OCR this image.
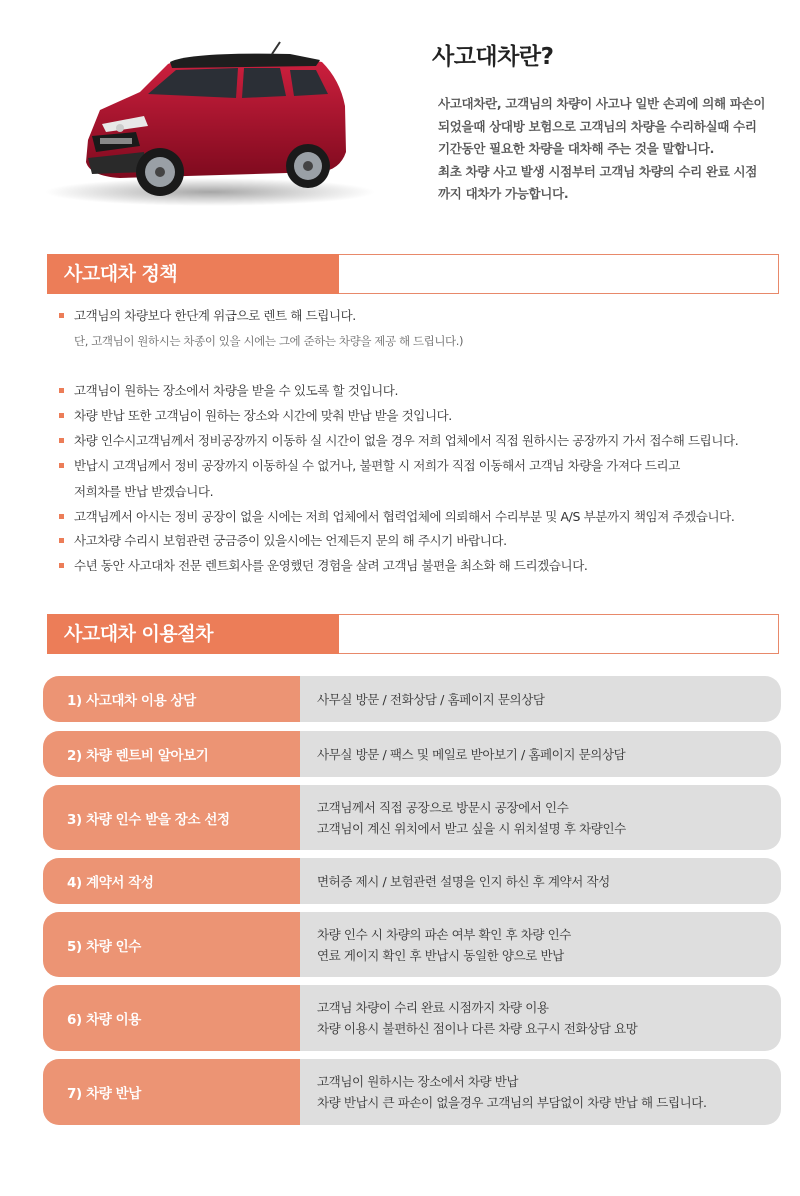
사고대차란?
사고대차란, 고객님의 차량이 사고나 일반 손괴에 의해 파손이
되었을때 상대방 보험으로 고객님의 차량을 수리하실때 수리
기간동안 필요한 차량을 대차해 주는 것을 말합니다.
최초 차량 사고 발생 시점부터 고객님 차량의 수리 완료 시점
까지 대차가 가능합니다.
사고대차 정책
고객님의 차량보다 한단계 위급으로 렌트 해 드립니다.
단, 고객님이 원하시는 차종이 있을 시에는 그에 준하는 차량을 제공 해 드립니다.)
고객님이 원하는 장소에서 차량을 받을 수 있도록 할 것입니다.
차량 반납 또한 고객님이 원하는 장소와 시간에 맞춰 반납 받을 것입니다.
차량 인수시고객님께서 정비공장까지 이동하 실 시간이 없을 경우 저희 업체에서 직접 원하시는 공장까지 가서 접수해 드립니다.
반납시 고객님께서 정비 공장까지 이동하실 수 없거나, 불편할 시 저희가 직접 이동해서 고객님 차량을 가져다 드리고
저희차를 반납 받겠습니다.
고객님께서 아시는 정비 공장이 없을 시에는 저희 업체에서 협력업체에 의뢰해서 수리부분 및 A/S 부분까지 책임져 주겠습니다.
사고차량 수리시 보험관련 궁금증이 있을시에는 언제든지 문의 해 주시기 바랍니다.
수년 동안 사고대차 전문 렌트회사를 운영했던 경험을 살려 고객님 불편을 최소화 해 드리겠습니다.
사고대차 이용절차
1) 사고대차 이용 상담	사무실 방문 / 전화상담 / 홈페이지 문의상담
2) 차량 렌트비 알아보기	사무실 방문 / 팩스 및 메일로 받아보기 / 홈페이지 문의상담
3) 차량 인수 받을 장소 선정
고객님께서 직접 공장으로 방문시 공장에서 인수
고객님이 계신 위치에서 받고 싶을 시 위치설명 후 차량인수
4) 계약서 작성	면허증 제시 / 보험관련 설명을 인지 하신 후 계약서 작성
5) 차량 인수
차량 인수 시 차량의 파손 여부 확인 후 차량 인수
연료 게이지 확인 후 반납시 동일한 양으로 반납
6) 차량 이용
고객님 차량이 수리 완료 시점까지 차량 이용
차량 이용시 불편하신 점이나 다른 차량 요구시 전화상담 요망
7) 차량 반납
고객님이 원하시는 장소에서 차량 반납
차량 반납시 큰 파손이 없을경우 고객님의 부담없이 차량 반납 해 드립니다.
